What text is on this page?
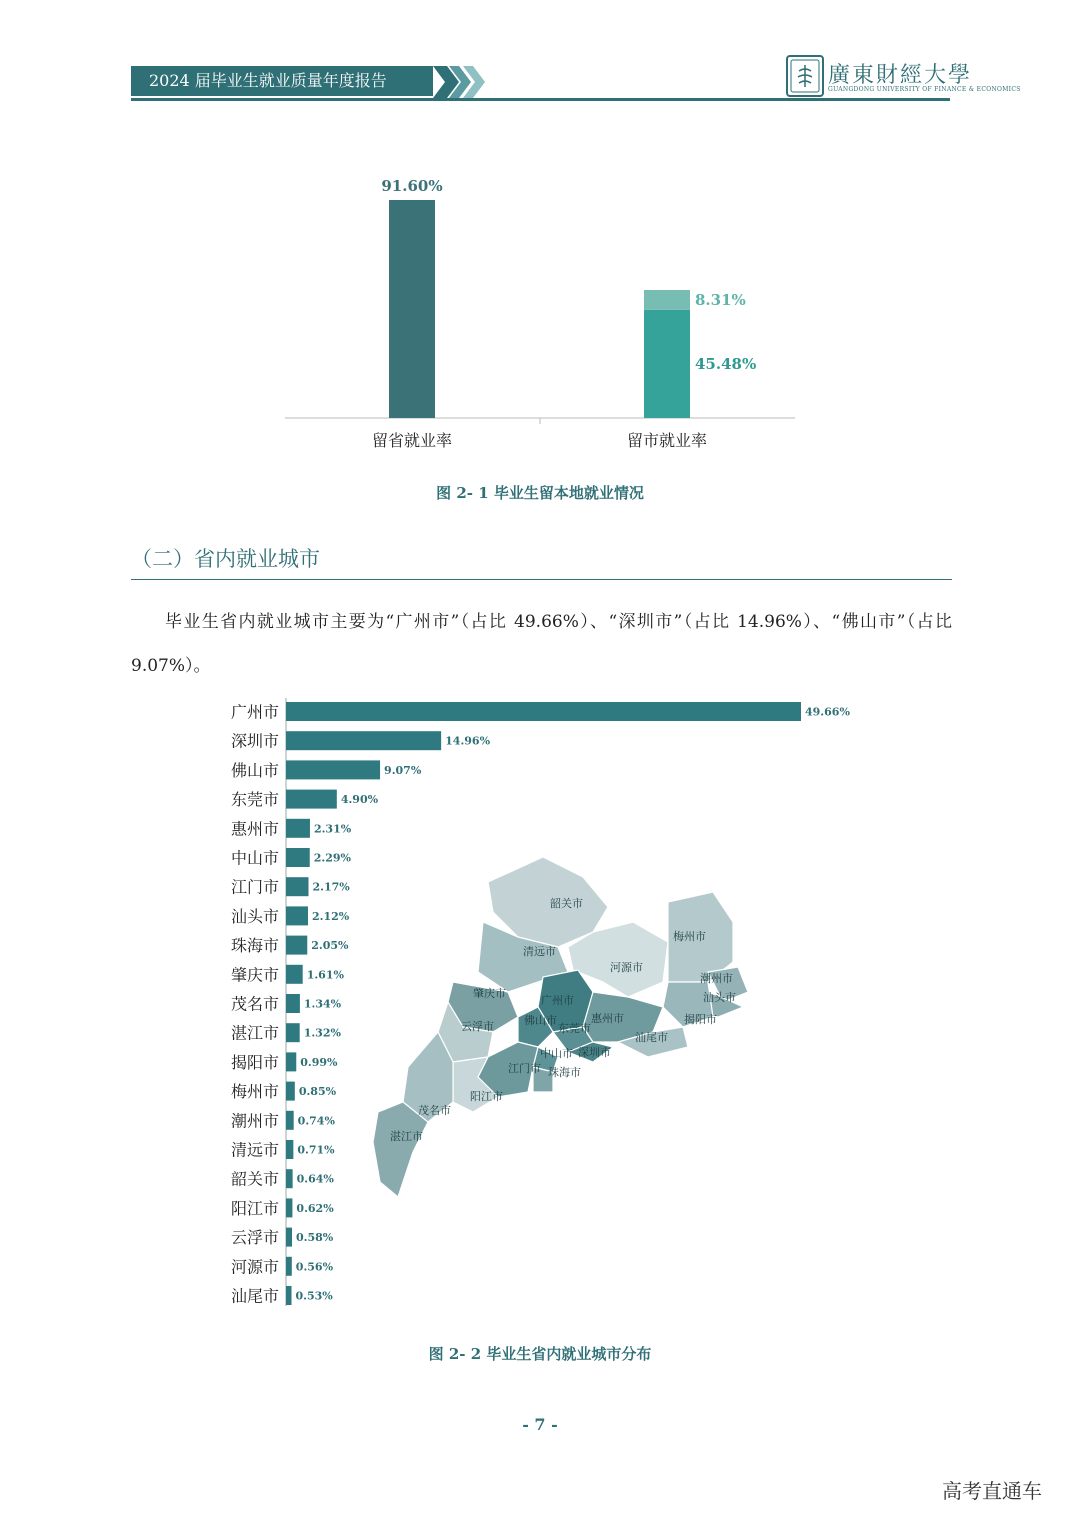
2024 届毕业生就业质量年度报告	廣東財經大學
GUANGDONG UNIVERSITY OF FINANCE & ECONOMICS
91.60%
留省就业率
45.48%
8.31%
留市就业率
图 2- 1 毕业生留本地就业情况
（二）省内就业城市
毕业生省内就业城市主要为“广州市”（占比 49.66%）、“深圳市”（占比 14.96%）、“佛山市”（占比 9.07%）。
广州市	49.66%
深圳市	14.96%
佛山市	9.07%
东莞市	4.90%
惠州市	2.31%
中山市	2.29%
江门市	2.17%
汕头市	2.12%
珠海市	2.05%
肇庆市	1.61%
茂名市 1.34%
湛江市 1.32%
揭阳市 0.99%
梅州市 0.85%
潮州市 0.74%
清远市 0.71%
韶关市 0.64%
阳江市 0.62%
云浮市 0.58%
河源市 0.56%
汕尾市 0.53%
韶关市
清远市
河源市
梅州市
潮州市
汕头市
揭阳市
肇庆市
广州市
佛山市
东莞市
惠州市
云浮市
汕尾市
中山市 深圳市
江门市 珠海市
阳江市
茂名市
湛江市
图 2- 2 毕业生省内就业城市分布
- 7 -
高考直通车
